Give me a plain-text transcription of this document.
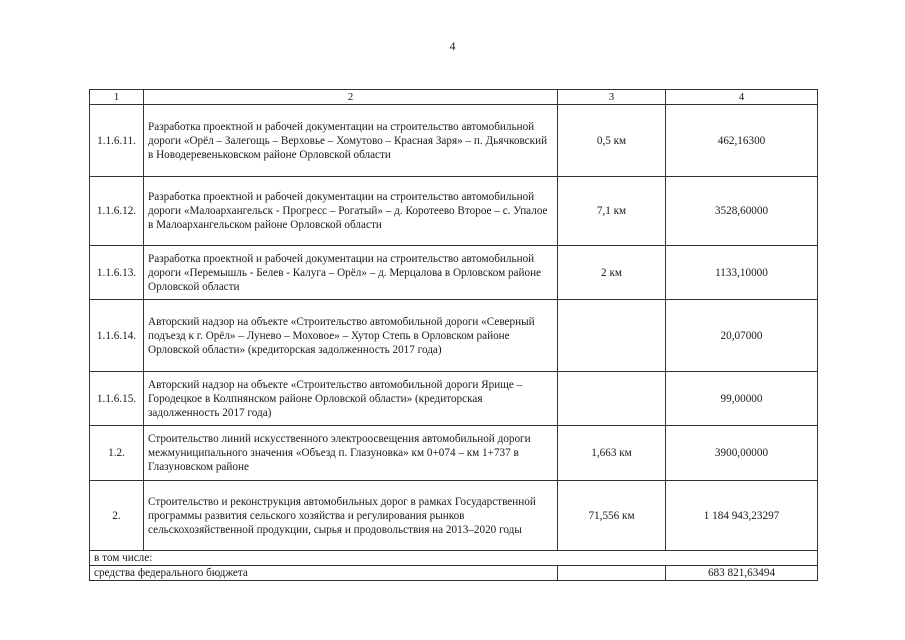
4
1	2	3	4
1.1.6.11.	Разработка проектной и рабочей документации на строительство автомобильной дороги «Орёл – Залегощь – Верховье – Хомутово – Красная Заря» – п. Дьячковский в Новодеревеньковском районе Орловской области	0,5 км	462,16300
1.1.6.12.	Разработка проектной и рабочей документации на строительство автомобильной дороги «Малоархангельск - Прогресс – Рогатый» – д. Коротеево Второе – с. Упалое в Малоархангельском районе Орловской области	7,1 км	3528,60000
1.1.6.13.	Разработка проектной и рабочей документации на строительство автомобильной дороги «Перемышль - Белев - Калуга – Орёл» – д. Мерцалова в Орловском районе Орловской области	2 км	1133,10000
1.1.6.14.	Авторский надзор на объекте «Строительство автомобильной дороги «Северный подъезд к г. Орёл» – Лунево – Моховое» – Хутор Степь в Орловском районе Орловской области» (кредиторская задолженность 2017 года)		20,07000
1.1.6.15.	Авторский надзор на объекте «Строительство автомобильной дороги Ярище – Городецкое в Колпнянском районе Орловской области» (кредиторская задолженность 2017 года)		99,00000
1.2.	Строительство линий искусственного электроосвещения автомобильной дороги межмуниципального значения «Объезд п. Глазуновка» км 0+074 – км 1+737 в Глазуновском районе	1,663 км	3900,00000
2.	Строительство и реконструкция автомобильных дорог в рамках Государственной программы развития сельского хозяйства и регулирования рынков сельскохозяйственной продукции, сырья и продовольствия на 2013–2020 годы	71,556 км	1 184 943,23297
в том числе:			
средства федерального бюджета			683 821,63494
